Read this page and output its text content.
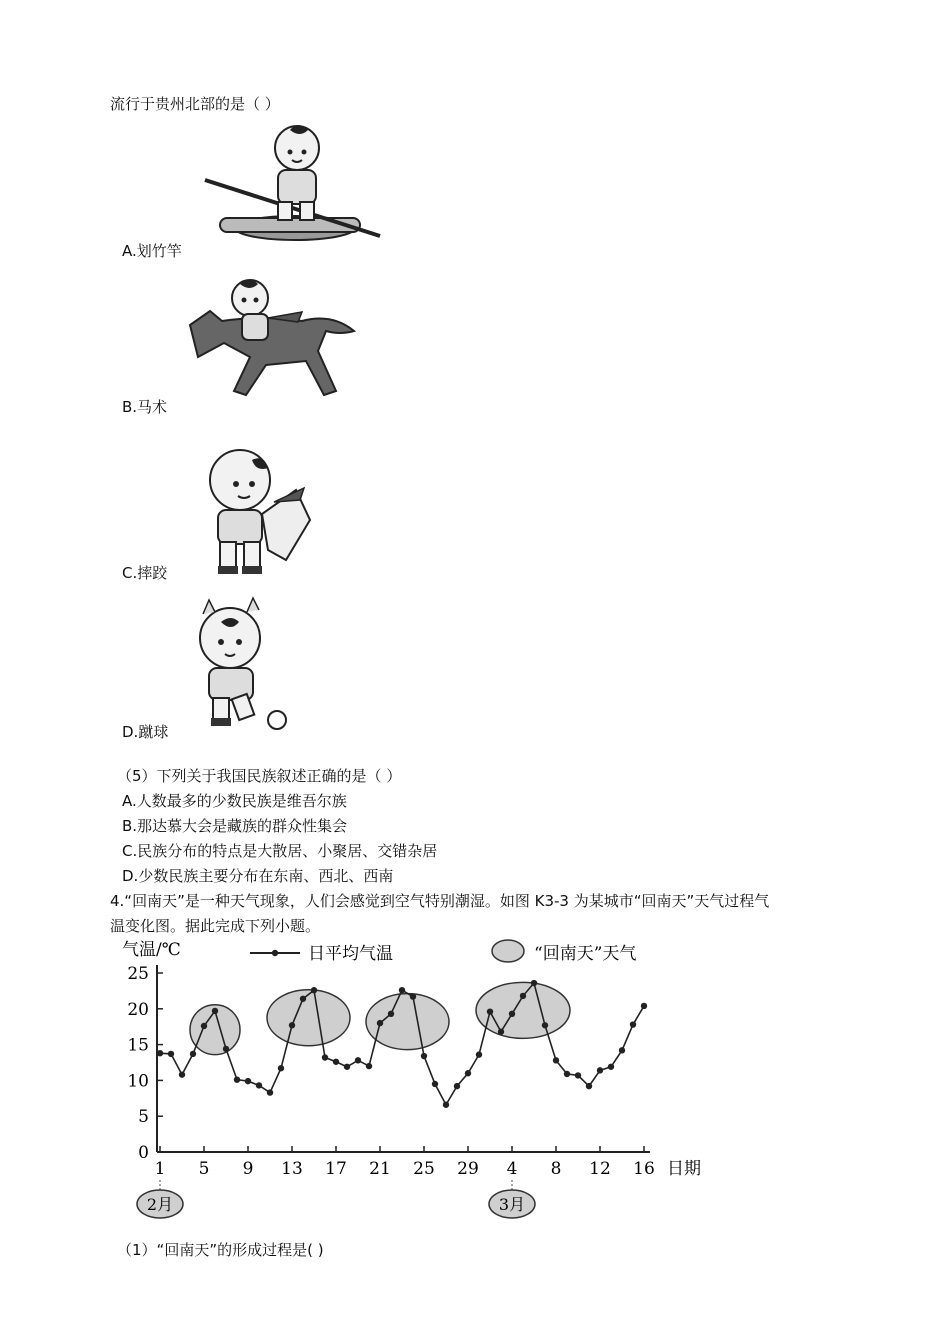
流行于贵州北部的是（ ）
A.划竹竿
B.马术
C.摔跤
D.蹴球
（5）下列关于我国民族叙述正确的是（ ）
A.人数最多的少数民族是维吾尔族
B.那达慕大会是藏族的群众性集会
C.民族分布的特点是大散居、小聚居、交错杂居
D.少数民族主要分布在东南、西北、西南
4.“回南天”是一种天气现象，人们会感觉到空气特别潮湿。如图 K3-3 为某城市“回南天”天气过程气
温变化图。据此完成下列小题。
0
5
10
15
20
25
1 5 9 13 17 21 25 29 4 8 12 16
气温/℃
日期
日平均气温	“回南天”天气
2月	3月
（1）“回南天”的形成过程是( )
